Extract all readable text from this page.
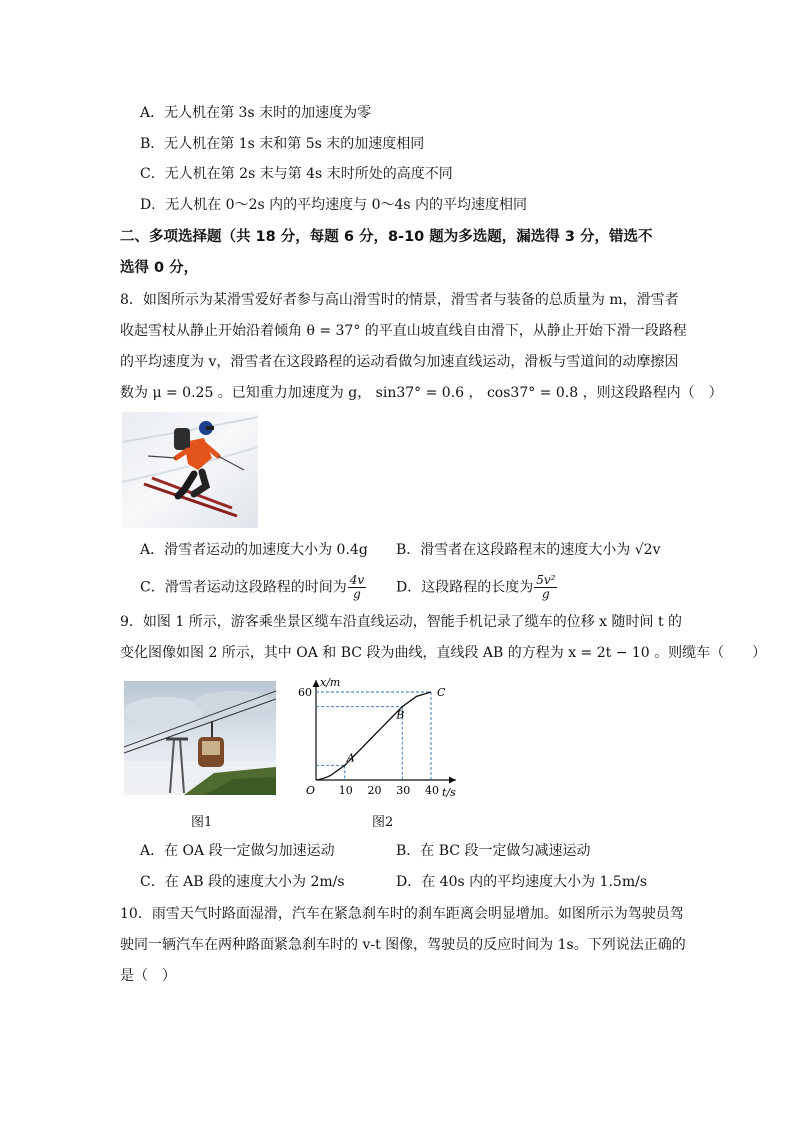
A．无人机在第 3s 末时的加速度为零
B．无人机在第 1s 末和第 5s 末的加速度相同
C．无人机在第 2s 末与第 4s 末时所处的高度不同
D．无人机在 0～2s 内的平均速度与 0～4s 内的平均速度相同
二、多项选择题（共 18 分，每题 6 分，8-10 题为多选题，漏选得 3 分，错选不
选得 0 分，
8．如图所示为某滑雪爱好者参与高山滑雪时的情景，滑雪者与装备的总质量为 m，滑雪者
收起雪杖从静止开始沿着倾角 θ = 37° 的平直山坡直线自由滑下，从静止开始下滑一段路程
的平均速度为 v，滑雪者在这段路程的运动看做匀加速直线运动，滑板与雪道间的动摩擦因
数为 μ = 0.25 。已知重力加速度为 g， sin37° = 0.6 ， cos37° = 0.8 ，则这段路程内（　）
A．滑雪者运动的加速度大小为 0.4g B．滑雪者在这段路程末的速度大小为 √2v
C．滑雪者运动这段路程的时间为 $\frac{4v}{g}$ D．这段路程的长度为 $\frac{\text{5v²}}{g}$
9．如图 1 所示，游客乘坐景区缆车沿直线运动，智能手机记录了缆车的位移 x 随时间 t 的
变化图像如图 2 所示，其中 OA 和 BC 段为曲线，直线段 AB 的方程为 x = 2t − 10 。则缆车（　　）
图1
x/m
t/s
O 10 20 30 40
60
A
B
C
图2
A．在 OA 段一定做匀加速运动	B．在 BC 段一定做匀减速运动
C．在 AB 段的速度大小为 2m/s	D．在 40s 内的平均速度大小为 1.5m/s
10．雨雪天气时路面湿滑，汽车在紧急刹车时的刹车距离会明显增加。如图所示为驾驶员驾
驶同一辆汽车在两种路面紧急刹车时的 v-t 图像，驾驶员的反应时间为 1s。下列说法正确的
是（　）
